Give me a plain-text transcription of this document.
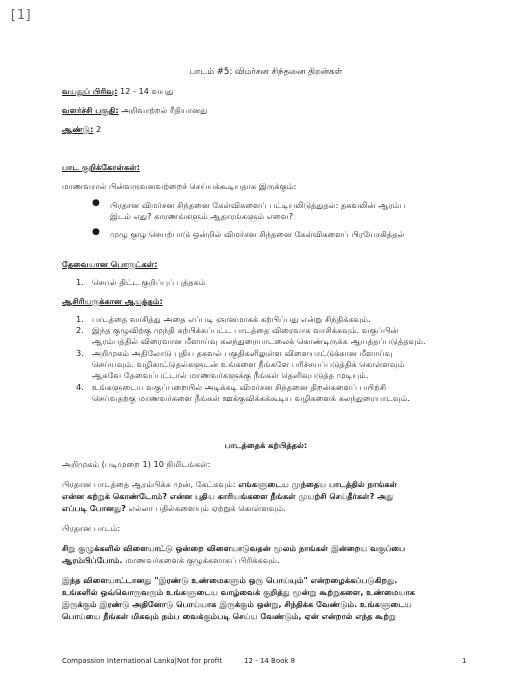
[1]
பாடம் #5: விமர்சன சிந்தனை திறன்கள்
வயதுப் பிரிவு: 12 - 14 வயது
வளர்ச்சி பகுதி: அறிவாற்றல் ரீதியானது
ஆண்டு: 2
பாட குறிக்கோள்கள்:
மாணவரால் பின்வருவனவற்றைச் செய்யக்கூடியதாக இருக்கும்:
● பிரதான விமர்சன சிந்தனை கேள்விகளைப் பட்டியலிடுத்துதல்: தகவலின் ஆரம்ப
இடம் எது? காரணங்களும் ஆதாரங்களும் எவை?
● முழு குழு செயற்பாடு ஒன்றில் விமர்சன சிந்தனை கேள்விகளைப் பிரயோகித்தல்
தேவையான பொருட்கள்:
1. செயல் திட்ட குறிப்புப் புத்தகம்
ஆசிரியருக்கான ஆயத்தம்:
1. பாடத்தை வாசித்து அதை எப்படி ஞானமாகக் கற்பிப்பது என்று சிந்திக்கவும்.
2. இந்த குழுவிற்கு முந்தி கற்பிக்கப்பட்ட பாடத்தை விரைவாக வாசிக்கவும். வகுப்பின்
ஆரம்பத்தில் விரைவான மீளாய்வு கலந்துரையாடலைக் கொண்டிருக்க ஆயத்தப்படுத்தவும்.
3. அறிமுகம் அதிலோடு புதிய தகவல் பகுதிகளிலுள்ள விளையாட்டுக்கான மீளாய்வு
செய்யவும். வழிகாட்டுதல்களுடன் உங்களை நீங்களே பரிச்சயப்படுத்திக் கொள்ளவும்
ஆகவே தேவைப்பட்டால் மாணவர்களுக்கு நீங்கள் தெளிவுபடுத்த முடியும்.
4. உங்களுடைய வகுப்பறையில் அடிக்கடி விமர்சன சிந்தனை திறன்களைப் பயிற்சி
செய்வதற்கு மாணவர்களை நீங்கள் ஊக்குவிக்கக்கூடிய வழிகளைக் கலந்துரையாடவும்.
பாடத்தைக் கற்பித்தல்:
அறிமுகம் (படிமுறை 1) 10 நிமிடங்கள்:
பிரதான பாடத்தை ஆரம்பிக்க முன், கேட்கவும்: எங்களுடைய முந்தைய பாடத்தில் நாங்கள்
என்ன கற்றுக் கொண்டோம்? என்ன புதிய காரியங்களை நீங்கள் முயற்சி செய்தீர்கள்? அது
எப்படி போனது? எல்லா பதில்களையும் ஏற்றுக் கொள்ளவும்.
பிரதான பாடம்:
சிறு குழுக்களில் விளையாட்டு ஒன்றை விளையாடுவதன் மூலம் நாங்கள் இன்றைய வகுப்பை
ஆரம்பிப்போம். மாணவர்களைக் குழுக்களாகப் பிரிக்கவும்.
இந்த விளையாட்டானது "இரண்டு உண்மைகளும் ஒரு பொய்யும்" என்றழைக்கப்படுகிறது.
உங்களில் ஒவ்வொருவரும் உங்களுடைய வாழ்வைக் குறித்து மூன்று கூற்றுகளை, உண்மையாக
இருக்கும் இரண்டு அதினோடு பொய்யாக இருக்கும் ஒன்று, சிந்திக்க வேண்டும். உங்களுடைய
பொய்யை நீங்கள் மிகவும் நம்ப வைக்கும்படி செய்ய வேண்டும், ஏன் என்றால் எந்த கூற்று
Compassion International Lanka|Not for profit	12 - 14 Book 8	1
